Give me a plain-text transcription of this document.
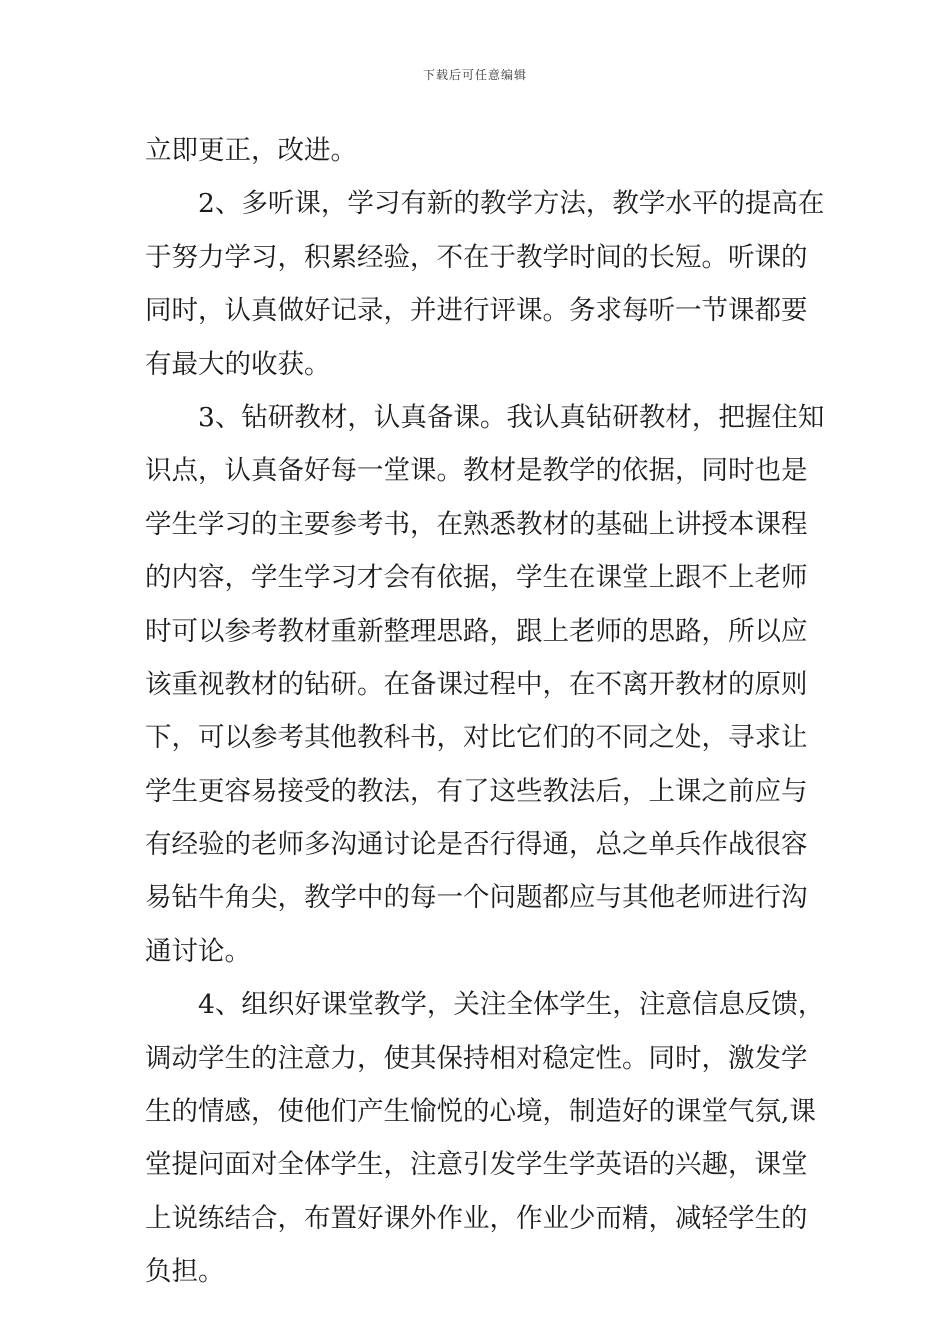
下载后可任意编辑
立即更正，改进。
　　2、多听课，学习有新的教学方法，教学水平的提高在
于努力学习，积累经验，不在于教学时间的长短。听课的
同时，认真做好记录，并进行评课。务求每听一节课都要
有最大的收获。
　　3、钻研教材，认真备课。我认真钻研教材，把握住知
识点，认真备好每一堂课。教材是教学的依据，同时也是
学生学习的主要参考书，在熟悉教材的基础上讲授本课程
的内容，学生学习才会有依据，学生在课堂上跟不上老师
时可以参考教材重新整理思路，跟上老师的思路，所以应
该重视教材的钻研。在备课过程中，在不离开教材的原则
下，可以参考其他教科书，对比它们的不同之处，寻求让
学生更容易接受的教法，有了这些教法后，上课之前应与
有经验的老师多沟通讨论是否行得通，总之单兵作战很容
易钻牛角尖，教学中的每一个问题都应与其他老师进行沟
通讨论。
　　4、组织好课堂教学，关注全体学生，注意信息反馈，
调动学生的注意力，使其保持相对稳定性。同时，激发学
生的情感，使他们产生愉悦的心境，制造好的课堂气氛,课
堂提问面对全体学生，注意引发学生学英语的兴趣，课堂
上说练结合，布置好课外作业，作业少而精，减轻学生的
负担。
